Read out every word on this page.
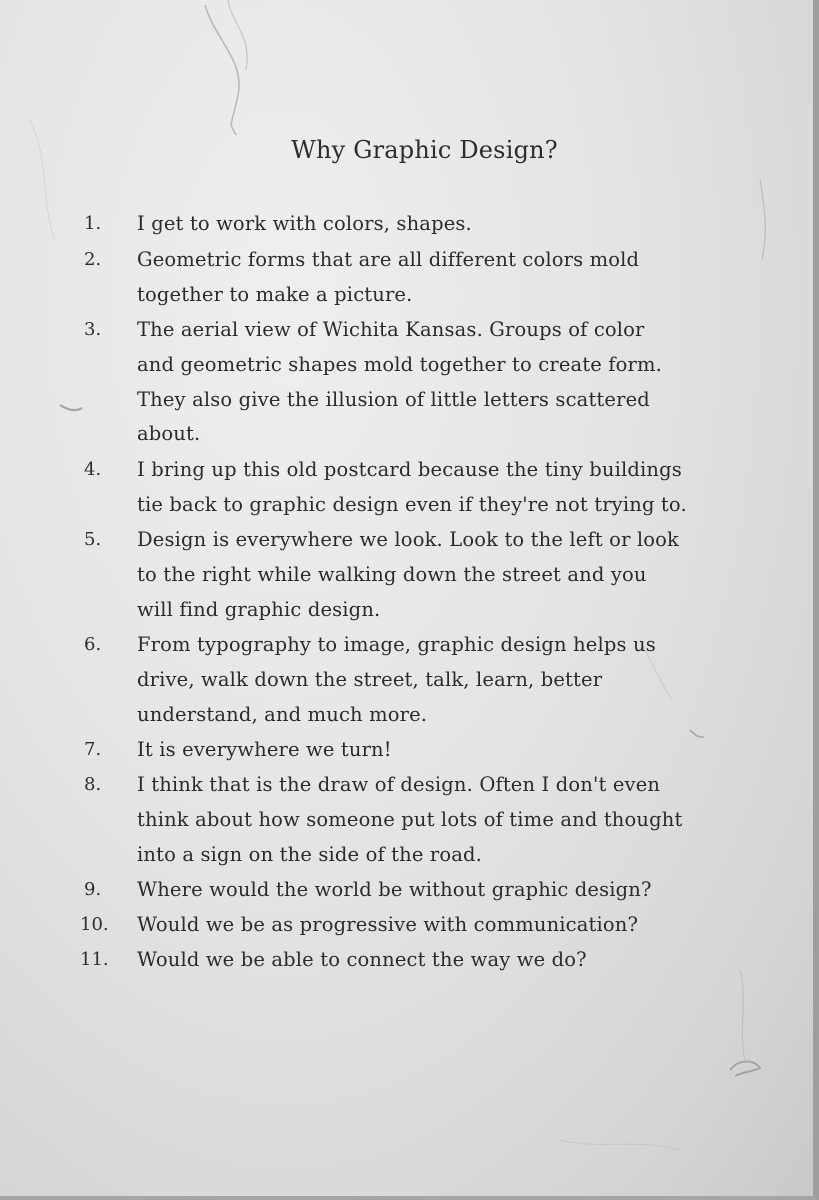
Why Graphic Design?
1. I get to work with colors, shapes.
2. Geometric forms that are all different colors mold
together to make a picture.
3. The aerial view of Wichita Kansas. Groups of color
and geometric shapes mold together to create form.
They also give the illusion of little letters scattered
about.
4. I bring up this old postcard because the tiny buildings
tie back to graphic design even if they're not trying to.
5. Design is everywhere we look. Look to the left or look
to the right while walking down the street and you
will find graphic design.
6. From typography to image, graphic design helps us
drive, walk down the street, talk, learn, better
understand, and much more.
7. It is everywhere we turn!
8. I think that is the draw of design. Often I don't even
think about how someone put lots of time and thought
into a sign on the side of the road.
9. Where would the world be without graphic design?
10. Would we be as progressive with communication?
11. Would we be able to connect the way we do?
